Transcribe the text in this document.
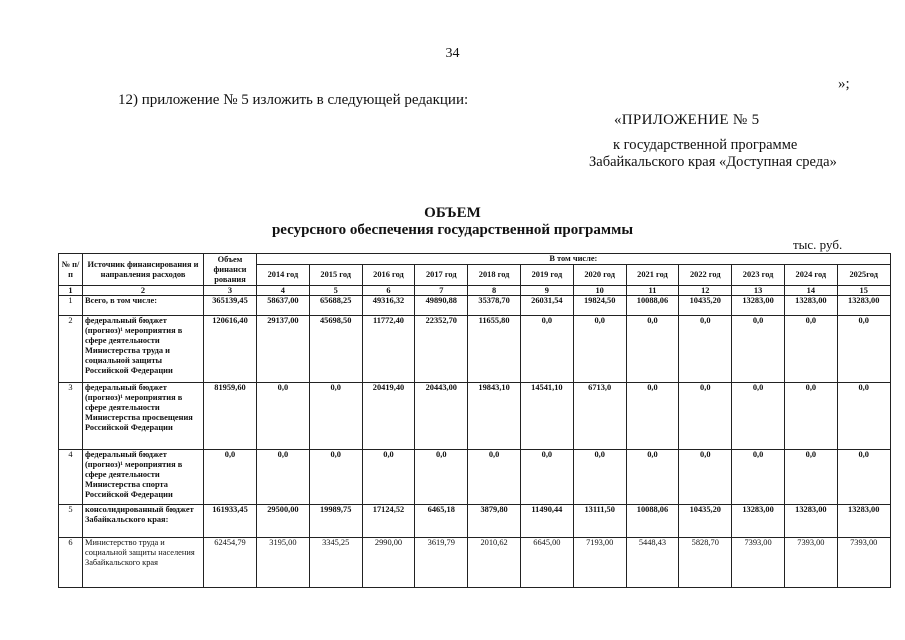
34
»;
12) приложение № 5 изложить в следующей редакции:
«ПРИЛОЖЕНИЕ № 5
к государственной программе
Забайкальского края «Доступная среда»
ОБЪЕМ
ресурсного обеспечения государственной программы
тыс. руб.
№ п/ п	Источник финансирования и направления расходов	Объем финанси рования	В том числе:											
			2014 год	2015 год	2016 год	2017 год	2018 год	2019 год	2020 год	2021 год	2022 год	2023 год	2024 год	2025год
1	2	3	4	5	6	7	8	9	10	11	12	13	14	15
1	Всего, в том числе:	365139,45	58637,00	65688,25	49316,32	49890,88	35378,70	26031,54	19824,50	10088,06	10435,20	13283,00	13283,00	13283,00
2	федеральный бюджет (прогноз)¹ мероприятия в сфере деятельности Министерства труда и социальной защиты Российской Федерации	120616,40	29137,00	45698,50	11772,40	22352,70	11655,80	0,0	0,0	0,0	0,0	0,0	0,0	0,0
3	федеральный бюджет (прогноз)¹ мероприятия в сфере деятельности Министерства просвещения Российской Федерации	81959,60	0,0	0,0	20419,40	20443,00	19843,10	14541,10	6713,0	0,0	0,0	0,0	0,0	0,0
4	федеральный бюджет (прогноз)¹ мероприятия в сфере деятельности Министерства спорта Российской Федерации	0,0	0,0	0,0	0,0	0,0	0,0	0,0	0,0	0,0	0,0	0,0	0,0	0,0
5	консолидированный бюджет Забайкальского края:	161933,45	29500,00	19989,75	17124,52	6465,18	3879,80	11490,44	13111,50	10088,06	10435,20	13283,00	13283,00	13283,00
6	Министерство труда и социальной защиты населения Забайкальского края	62454,79	3195,00	3345,25	2990,00	3619,79	2010,62	6645,00	7193,00	5448,43	5828,70	7393,00	7393,00	7393,00
